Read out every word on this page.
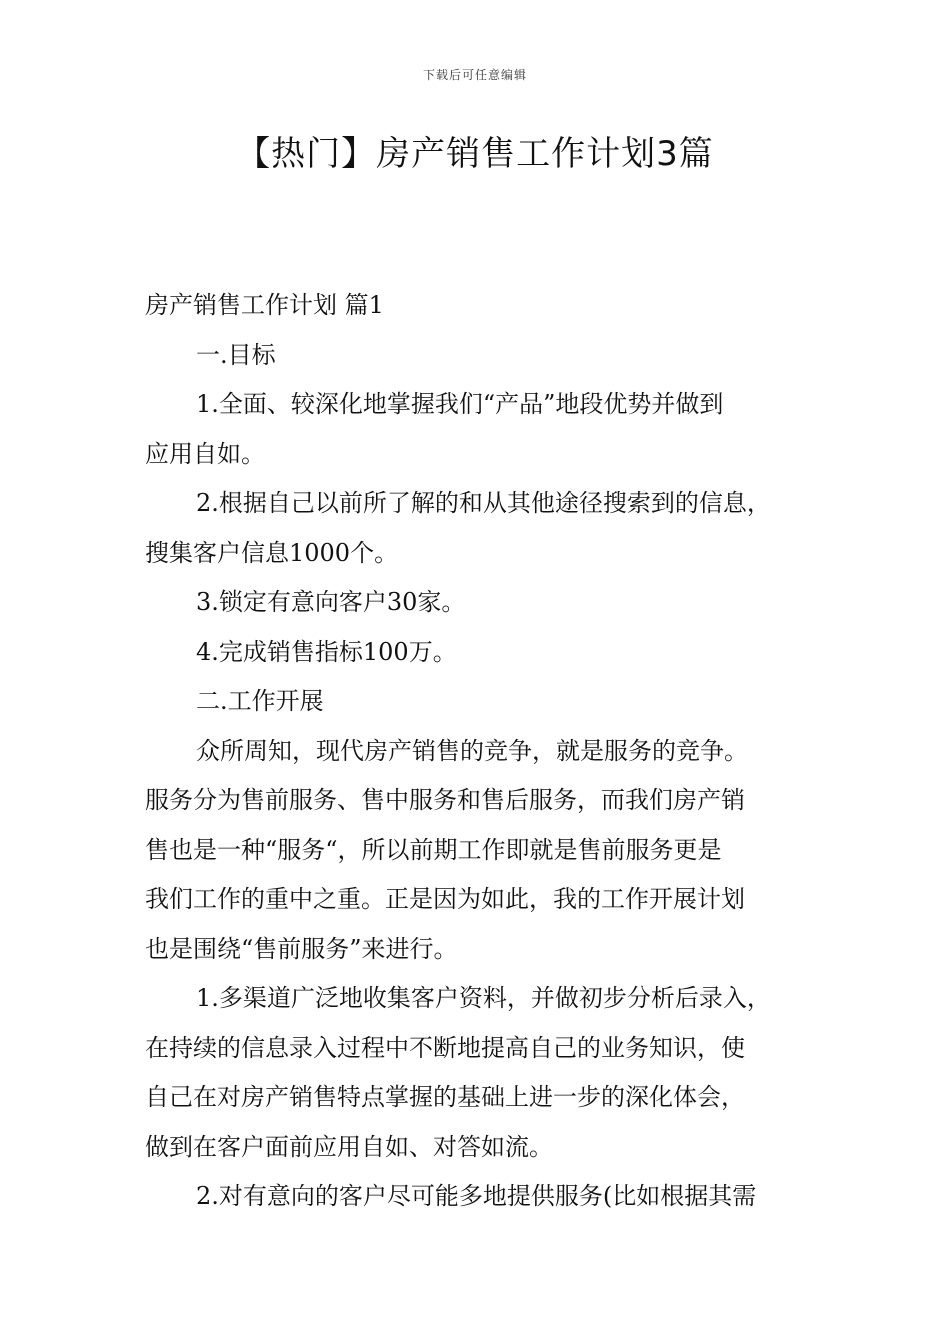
下载后可任意编辑
【热门】房产销售工作计划3篇

房产销售工作计划 篇1

一.目标

1.全面、较深化地掌握我们“产品”地段优势并做到

应用自如。

2.根据自己以前所了解的和从其他途径搜索到的信息，

搜集客户信息1000个。

3.锁定有意向客户30家。

4.完成销售指标100万。

二.工作开展

众所周知，现代房产销售的竞争，就是服务的竞争。

服务分为售前服务、售中服务和售后服务，而我们房产销

售也是一种“服务“，所以前期工作即就是售前服务更是

我们工作的重中之重。正是因为如此，我的工作开展计划

也是围绕“售前服务”来进行。

1.多渠道广泛地收集客户资料，并做初步分析后录入，

在持续的信息录入过程中不断地提高自己的业务知识，使

自己在对房产销售特点掌握的基础上进一步的深化体会，

做到在客户面前应用自如、对答如流。

2.对有意向的客户尽可能多地提供服务(比如根据其需
